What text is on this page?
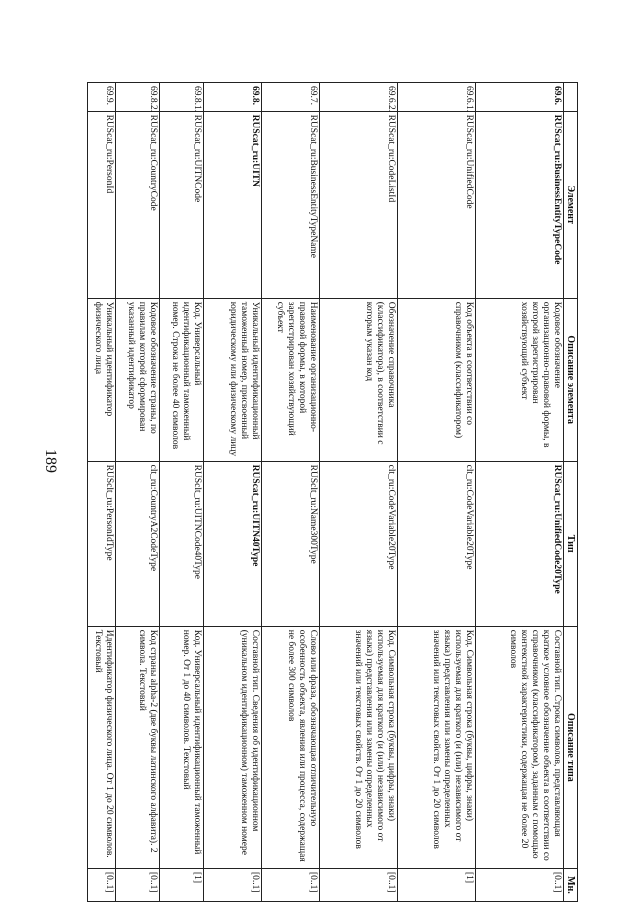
189
	Элемент	Описание элемента	Тип	Описание типа	Мн.
69.6.	RUScat_ru:BusinessEntityTypeCode	Кодовое обозначение организационно-правовой формы, в которой зарегистрирован хозяйствующий субъект	RUScat_ru:UnifiedCode20Type	Составной тип. Строка символов, представляющая краткое условное обозначение объекта в соответствии со справочником (классификатором), заданным с помощью контекстной характеристики, содержащая не более 20 символов	[0..1]
69.6.1.	RUScat_ru:UnifiedCode	Код объекта в соответствии со справочником (классификатором)	clt_ru:CodeVariable20Type	Код. Символьная строка (буквы, цифры, знаки) используемая для краткого (и (или) независимого от языка) представления или замены определенных значений или текстовых свойств. От 1 до 20 символов	[1]
69.6.2.	RUScat_ru:CodeListId	Обозначение справочника (классификатора), в соответствии с которым указан код	clt_ru:CodeVariable20Type	Код. Символьная строка (буквы, цифры, знаки) используемая для краткого (и (или) независимого от языка) представления или замены определенных значений или текстовых свойств. От 1 до 20 символов	[0..1]
69.7.	RUScat_ru:BusinessEntityTypeName	Наименование организационно-правовой формы, в которой зарегистрирован хозяйствующий субъект	RUSclt_ru:Name300Type	Слово или фраза, обозначающая отличительную особенность объекта, явления или процесса, содержащая не более 300 символов	[0..1]
69.8.	RUScat_ru:UITN	Уникальный идентификационный таможенный номер, присвоенный юридическому или физическому лицу	RUScat_ru:UITN40Type	Составной тип. Сведения об идентификационном (уникальном идентификационном) таможенном номере	[0..1]
69.8.1.	RUScat_ru:UITNCode	Код. Универсальный идентификационный таможенный номер. Строка не более 40 символов	RUSclt_ru:UITNCode40Type	Код. Универсальный идентификационный таможенный номер. От 1 до 40 символов. Текстовый	[1]
69.8.2.	RUScat_ru:CountryCode	Кодовое обозначение страны, по правилам которой сформирован указанный идентификатор	clt_ru:CountryA2CodeType	Код страны alpha-2 (две буквы латинского алфавита). 2 символа. Текстовый	[0..1]
69.9.	RUScat_ru:PersonId	Уникальный идентификатор физического лица	RUSclt_ru:PersonIdType	Идентификатор физического лица. От 1 до 20 символов. Текстовый	[0..1]
